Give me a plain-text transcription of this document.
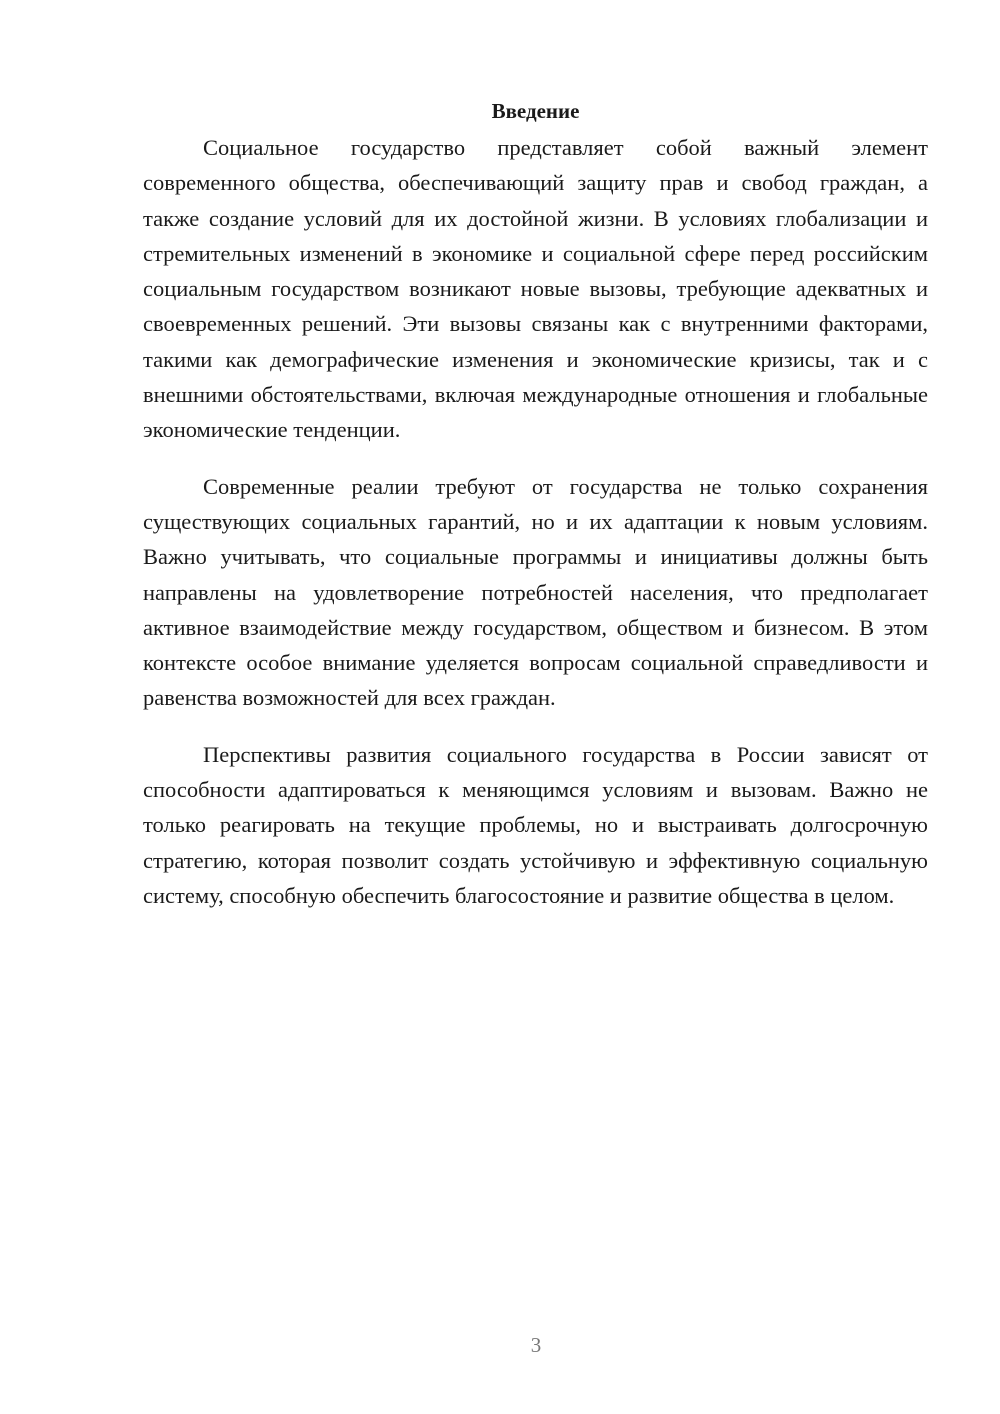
Введение

Социальное государство представляет собой важный элемент современного общества, обеспечивающий защиту прав и свобод граждан, а также создание условий для их достойной жизни. В условиях глобализации и стремительных изменений в экономике и социальной сфере перед российским социальным государством возникают новые вызовы, требующие адекватных и своевременных решений. Эти вызовы связаны как с внутренними факторами, такими как демографические изменения и экономические кризисы, так и с внешними обстоятельствами, включая международные отношения и глобальные экономические тенденции.

Современные реалии требуют от государства не только сохранения существующих социальных гарантий, но и их адаптации к новым условиям. Важно учитывать, что социальные программы и инициативы должны быть направлены на удовлетворение потребностей населения, что предполагает активное взаимодействие между государством, обществом и бизнесом. В этом контексте особое внимание уделяется вопросам социальной справедливости и равенства возможностей для всех граждан.

Перспективы развития социального государства в России зависят от способности адаптироваться к меняющимся условиям и вызовам. Важно не только реагировать на текущие проблемы, но и выстраивать долгосрочную стратегию, которая позволит создать устойчивую и эффективную социальную систему, способную обеспечить благосостояние и развитие общества в целом.

3
